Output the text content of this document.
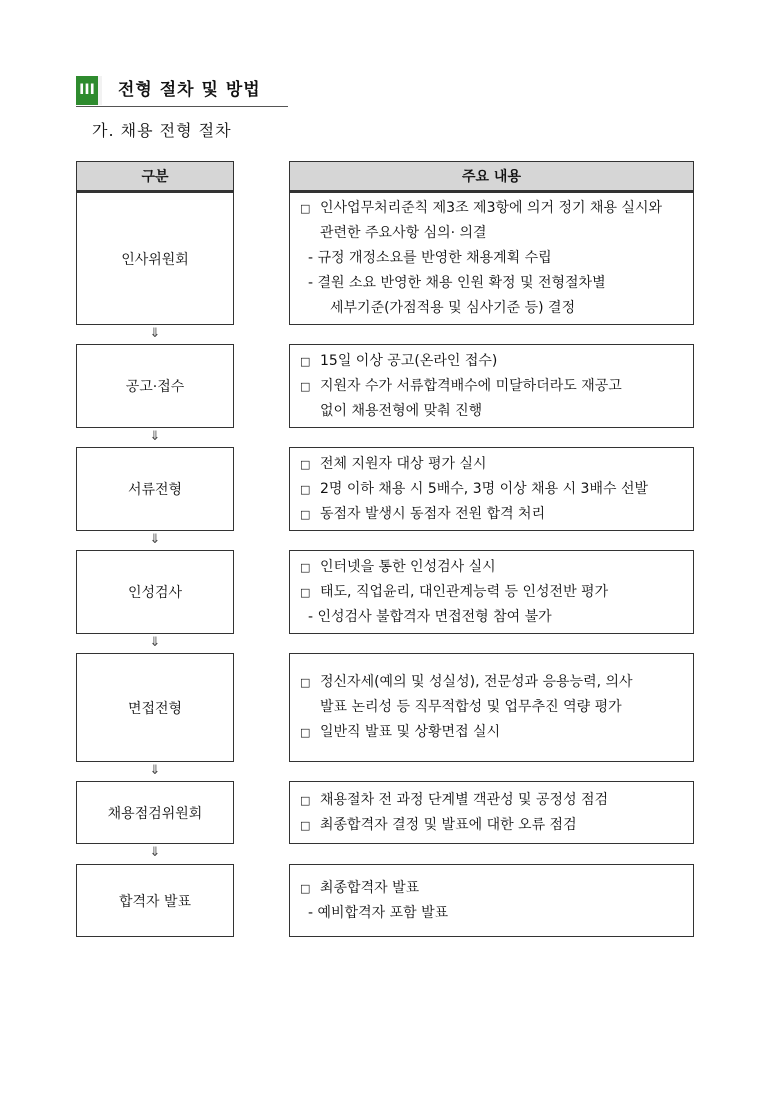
III	전형 절차 및 방법
가. 채용 전형 절차
구분	주요 내용
인사위원회
□ 인사업무처리준칙 제3조 제3항에 의거 정기 채용 실시와
관련한 주요사항 심의· 의결
- 규정 개정소요를 반영한 채용계획 수립
- 결원 소요 반영한 채용 인원 확정 및 전형절차별
세부기준(가점적용 및 심사기준 등) 결정
⇓
공고·접수
□ 15일 이상 공고(온라인 접수)
□ 지원자 수가 서류합격배수에 미달하더라도 재공고
없이 채용전형에 맞춰 진행
⇓
서류전형
□ 전체 지원자 대상 평가 실시
□ 2명 이하 채용 시 5배수, 3명 이상 채용 시 3배수 선발
□ 동점자 발생시 동점자 전원 합격 처리
⇓
인성검사
□ 인터넷을 통한 인성검사 실시
□ 태도, 직업윤리, 대인관계능력 등 인성전반 평가
- 인성검사 불합격자 면접전형 참여 불가
⇓
면접전형
□ 정신자세(예의 및 성실성), 전문성과 응용능력, 의사
발표 논리성 등 직무적합성 및 업무추진 역량 평가
□ 일반직 발표 및 상황면접 실시
⇓
채용점검위원회
□ 채용절차 전 과정 단계별 객관성 및 공정성 점검
□ 최종합격자 결정 및 발표에 대한 오류 점검
⇓
합격자 발표
□ 최종합격자 발표
- 예비합격자 포함 발표
